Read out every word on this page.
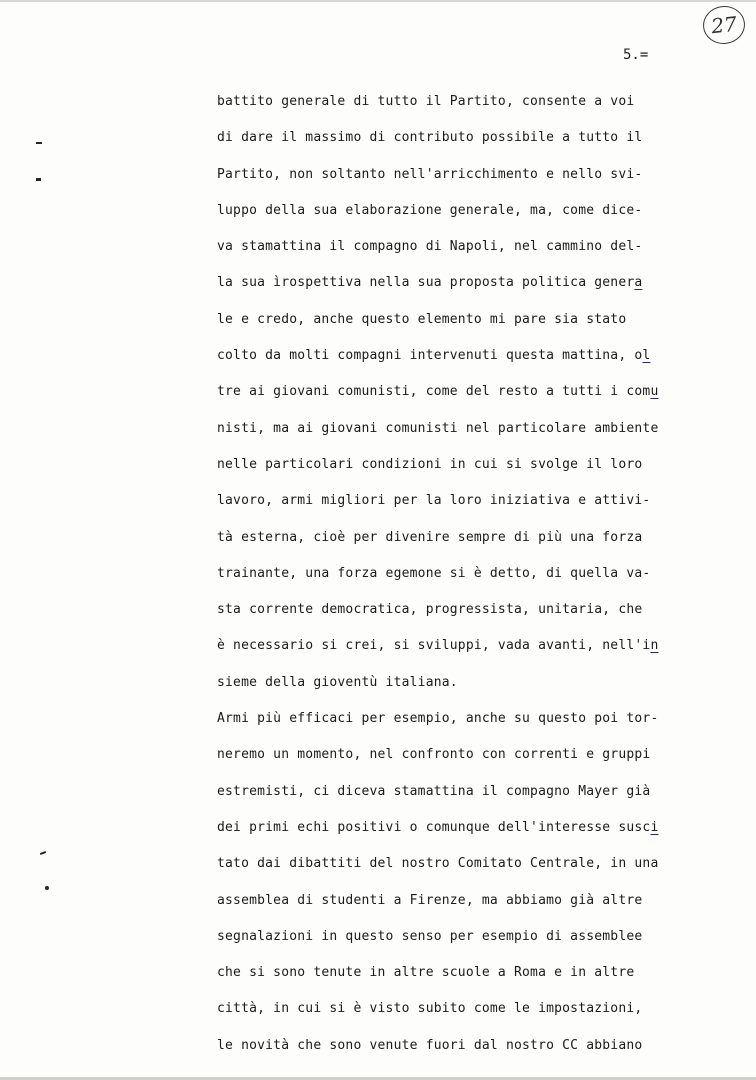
27
5.=
battito generale di tutto il Partito, consente a voi
di dare il massimo di contributo possibile a tutto il
Partito, non soltanto nell'arricchimento e nello svi-
luppo della sua elaborazione generale, ma, come dice-
va stamattina il compagno di Napoli, nel cammino del-
la sua ìrospettiva nella sua proposta politica genera
le e credo, anche questo elemento mi pare sia stato
colto da molti compagni intervenuti questa mattina, ol
tre ai giovani comunisti, come del resto a tutti i comu
nisti, ma ai giovani comunisti nel particolare ambiente
nelle particolari condizioni in cui si svolge il loro
lavoro, armi migliori per la loro iniziativa e attivi-
tà esterna, cioè per divenire sempre di più una forza
trainante, una forza egemone si è detto, di quella va-
sta corrente democratica, progressista, unitaria, che
è necessario si crei, si sviluppi, vada avanti, nell'in
sieme della gioventù italiana.
Armi più efficaci per esempio, anche su questo poi tor-
neremo un momento, nel confronto con correnti e gruppi
estremisti, ci diceva stamattina il compagno Mayer già
dei primi echi positivi o comunque dell'interesse susci
tato dai dibattiti del nostro Comitato Centrale, in una
assemblea di studenti a Firenze, ma abbiamo già altre
segnalazioni in questo senso per esempio di assemblee
che si sono tenute in altre scuole a Roma e in altre
città, in cui si è visto subito come le impostazioni,
le novità che sono venute fuori dal nostro CC abbiano
